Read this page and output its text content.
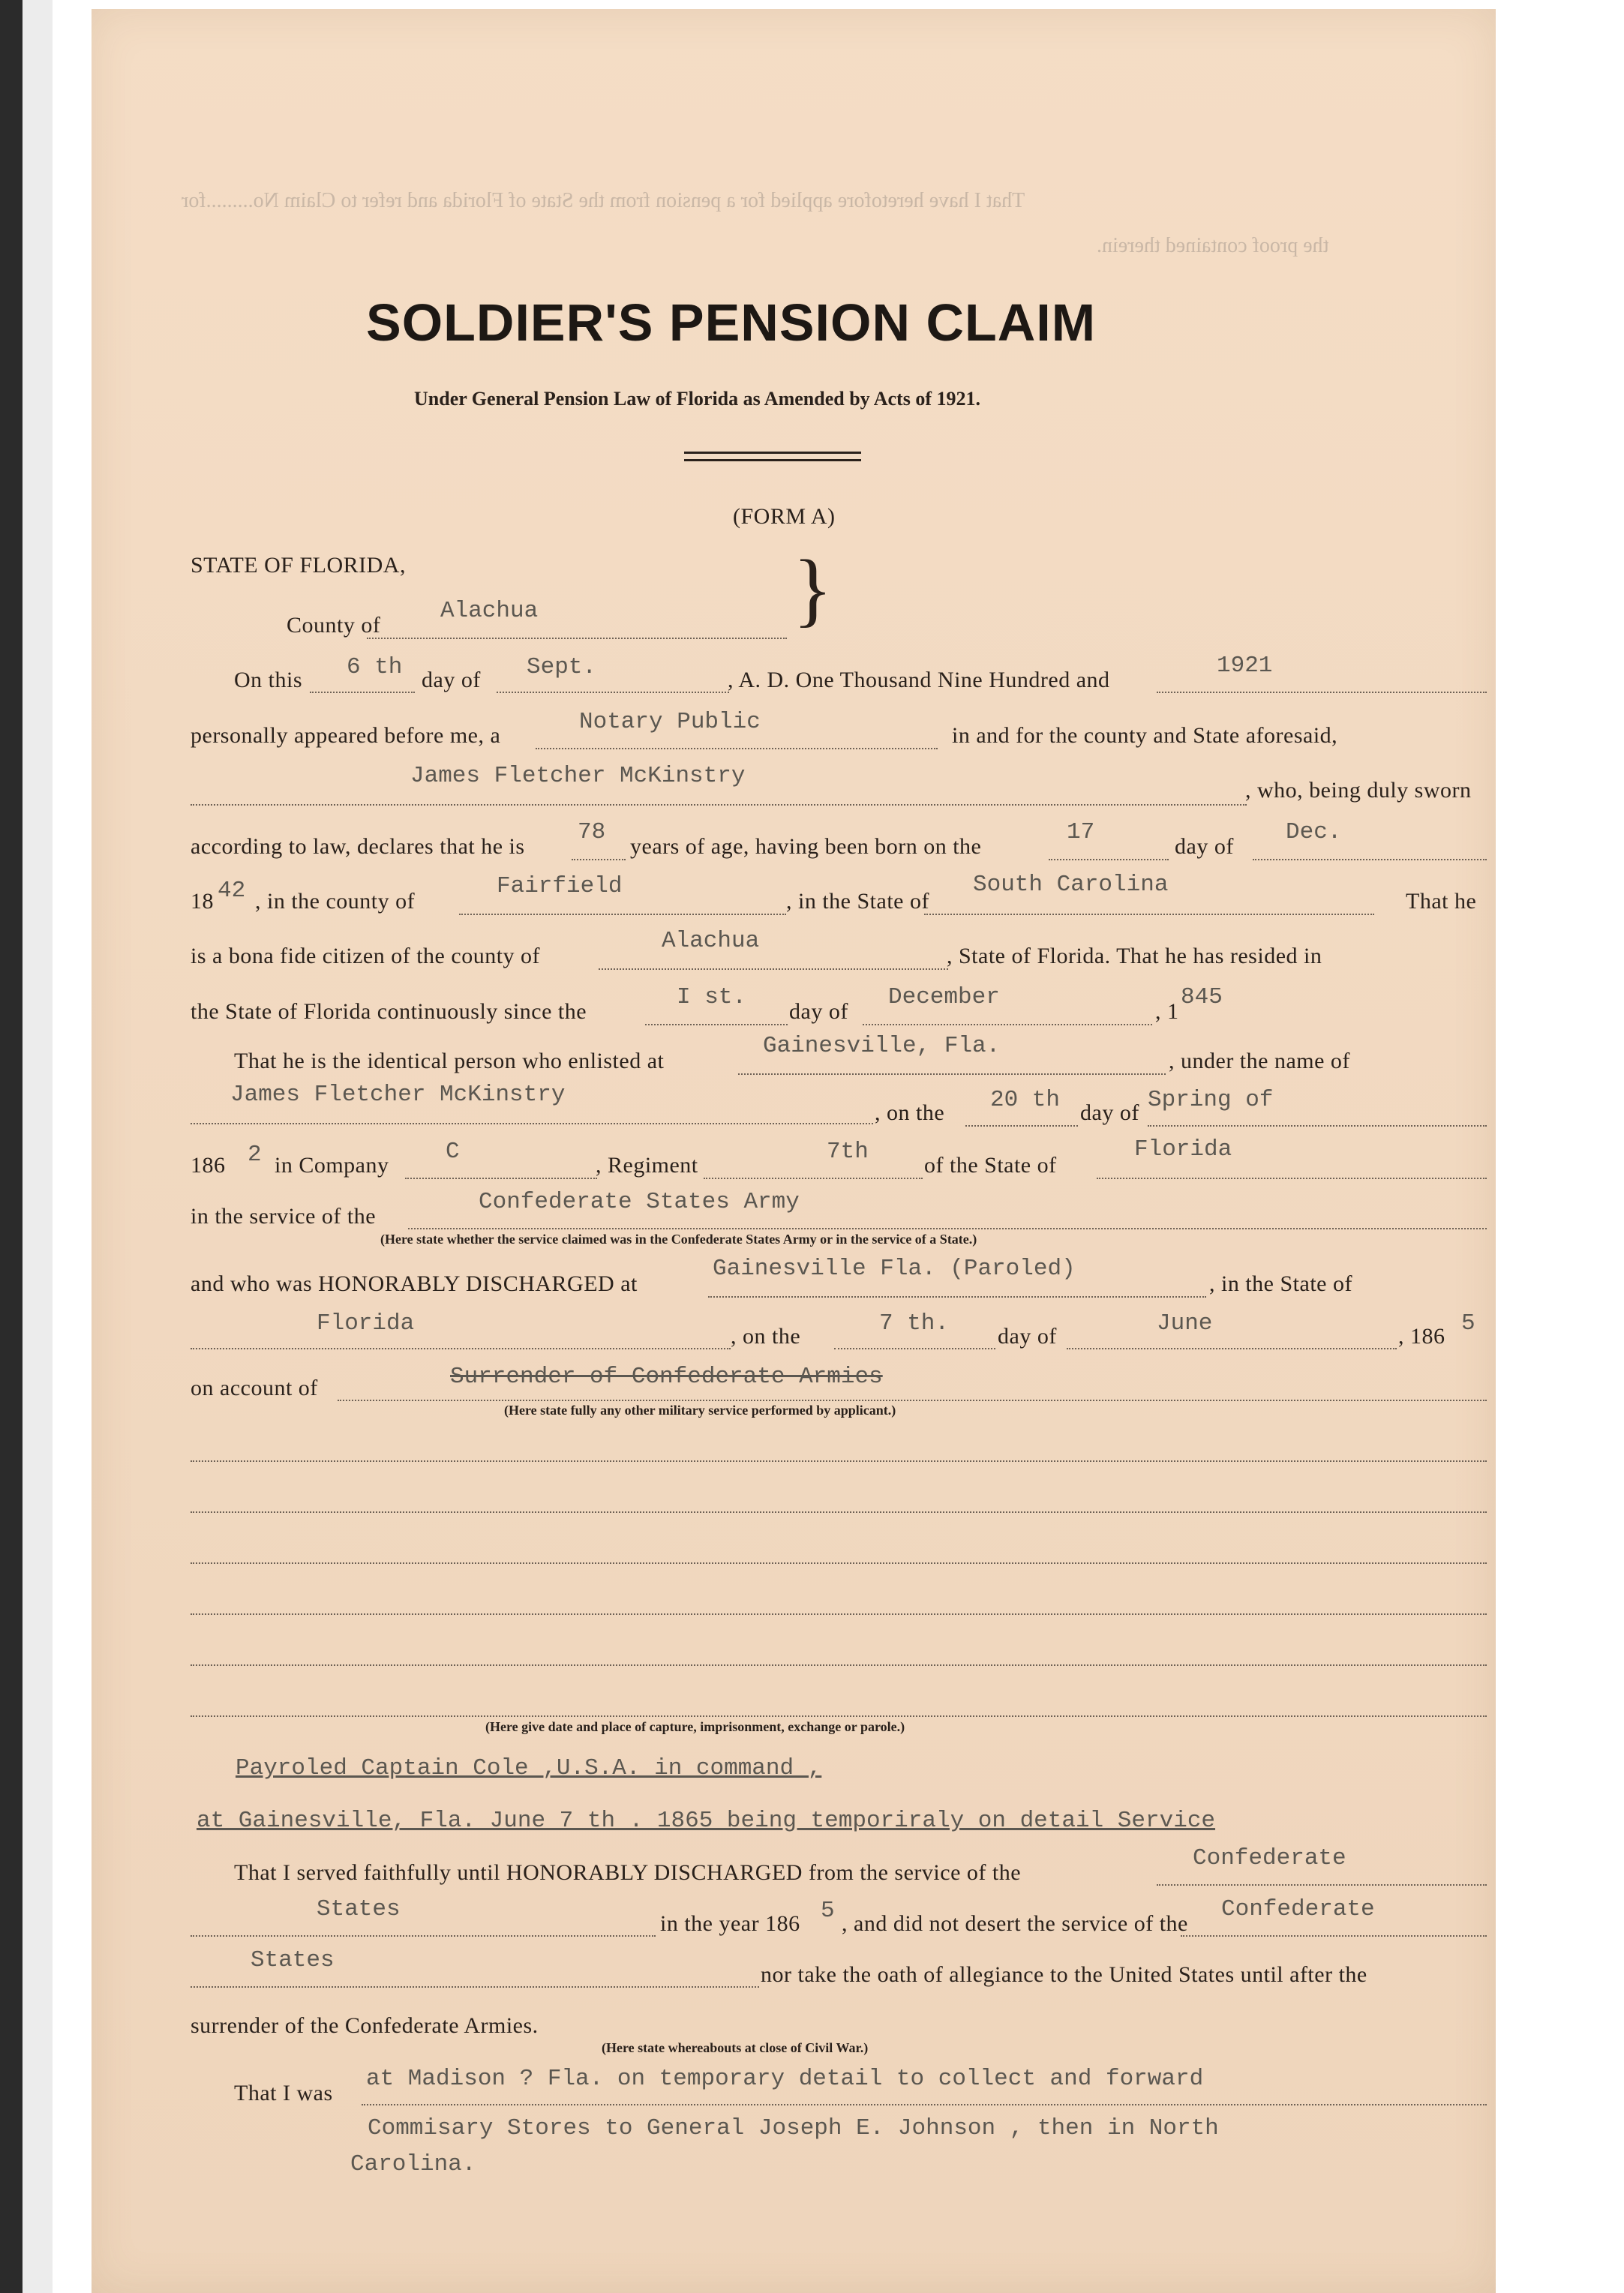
That I have heretofore applied for a pension from the State of Florida and refer to Claim No.........for
the proof contained therein.
SOLDIER'S PENSION CLAIM
Under General Pension Law of Florida as Amended by Acts of 1921.
(FORM A)
STATE OF FLORIDA,
County of
Alachua	}
On this 6 th day of Sept.	, A. D. One Thousand Nine Hundred and
1921
personally appeared before me, a
Notary Public
in and for the county and State aforesaid,
James Fletcher McKinstry
, who, being duly sworn
according to law, declares that he is
78
years of age, having been born on the
17
day of
Dec.
18 42 , in the county of
Fairfield
, in the State of
South Carolina
That he
is a bona fide citizen of the county of
Alachua
, State of Florida. That he has resided in
the State of Florida continuously since the
I st.
day of
December
, 1
845
That he is the identical person who enlisted at
Gainesville, Fla.
, under the name of
James Fletcher McKinstry
, on the 20 th day of Spring of
186 2 in Company
C
, Regiment
7th
of the State of
Florida
in the service of the
Confederate States Army
(Here state whether the service claimed was in the Confederate States Army or in the service of a State.)
and who was HONORABLY DISCHARGED at
Gainesville Fla. (Paroled)
, in the State of
Florida	, on the	7 th. day of	June	, 186 5
on account of	Surrender of Confederate Armies
(Here state fully any other military service performed by applicant.)
(Here give date and place of capture, imprisonment, exchange or parole.)
Payroled Captain Cole ,U.S.A. in command ,
at Gainesville, Fla. June 7 th . 1865 being temporiraly on detail Service
That I served faithfully until HONORABLY DISCHARGED from the service of the
Confederate
States
in the year 186 5 , and did not desert the service of the
Confederate
States
nor take the oath of allegiance to the United States until after the
surrender of the Confederate Armies.
(Here state whereabouts at close of Civil War.)
That I was
at Madison ? Fla. on temporary detail to collect and forward
Commisary Stores to General Joseph E. Johnson , then in North
Carolina.
